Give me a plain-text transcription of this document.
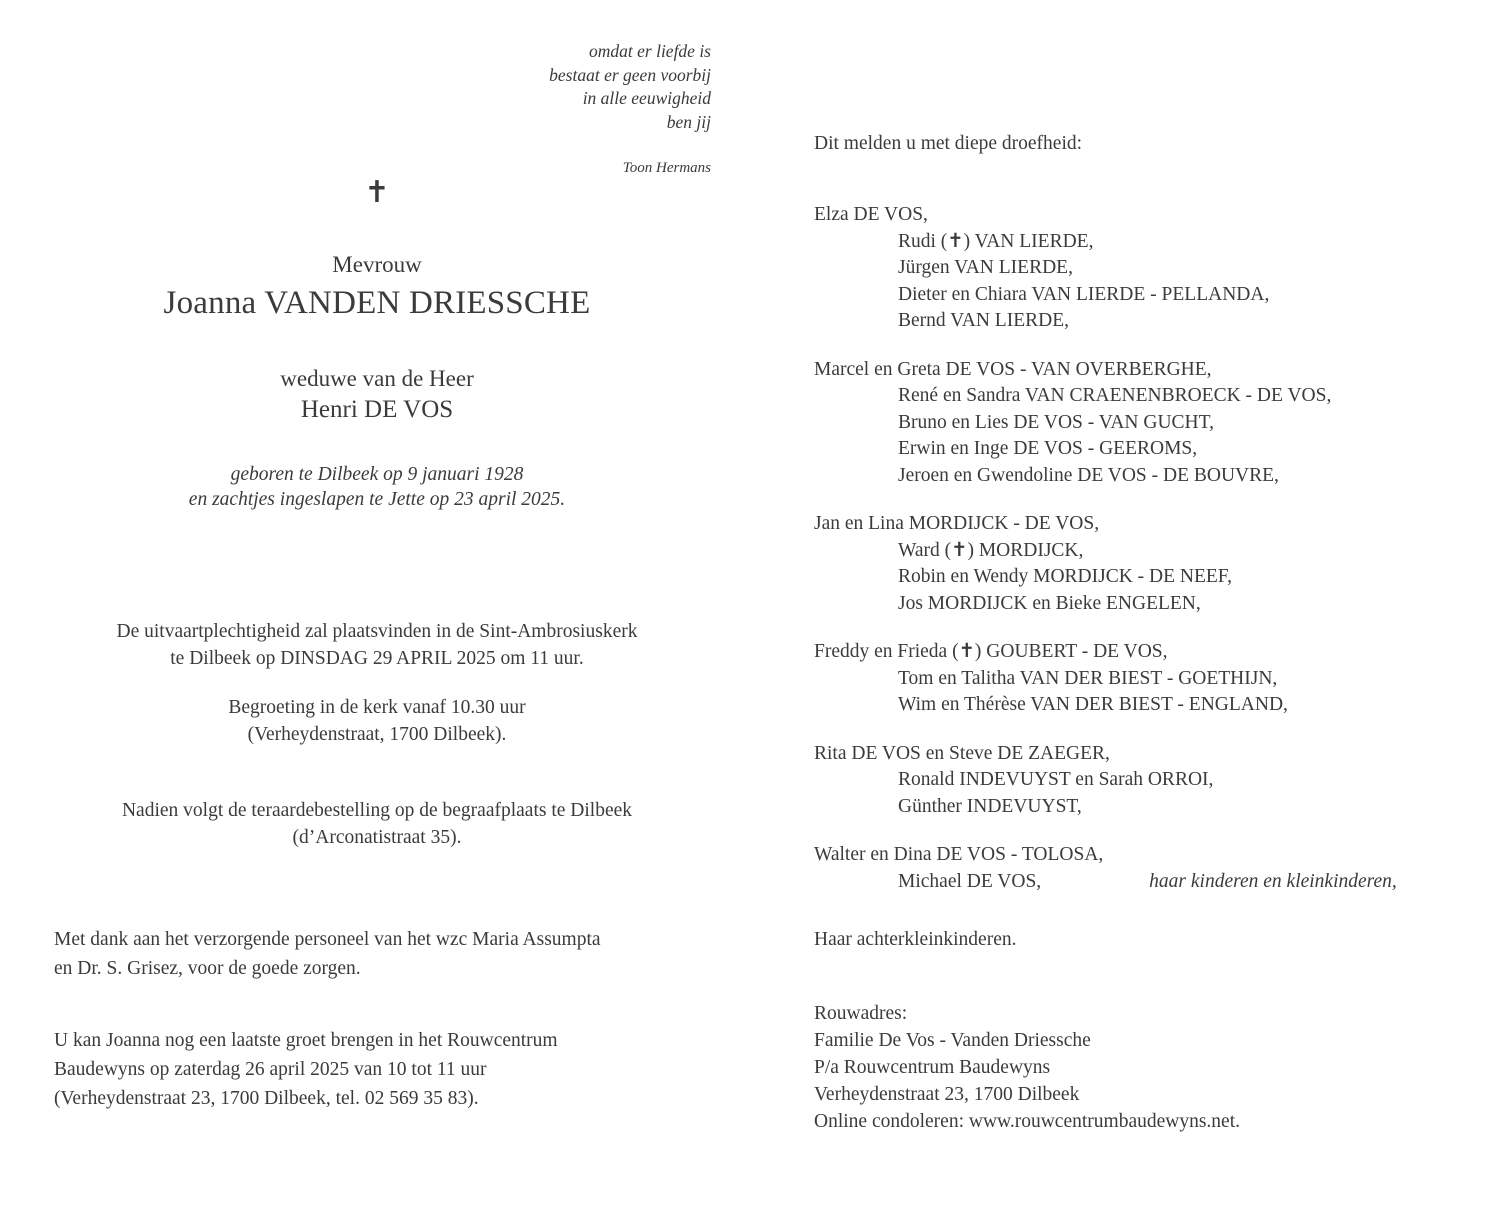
omdat er liefde is
bestaat er geen voorbij
in alle eeuwigheid
ben jij
Toon Hermans
✝
Mevrouw
Joanna VANDEN DRIESSCHE
weduwe van de Heer
Henri DE VOS
geboren te Dilbeek op 9 januari 1928
en zachtjes ingeslapen te Jette op 23 april 2025.
De uitvaartplechtigheid zal plaatsvinden in de Sint-Ambrosiuskerk
te Dilbeek op DINSDAG 29 APRIL 2025 om 11 uur.
Begroeting in de kerk vanaf 10.30 uur
(Verheydenstraat, 1700 Dilbeek).
Nadien volgt de teraardebestelling op de begraafplaats te Dilbeek
(d’Arconatistraat 35).
Met dank aan het verzorgende personeel van het wzc Maria Assumpta
en Dr. S. Grisez, voor de goede zorgen.
U kan Joanna nog een laatste groet brengen in het Rouwcentrum
Baudewyns op zaterdag 26 april 2025 van 10 tot 11 uur
(Verheydenstraat 23, 1700 Dilbeek, tel. 02 569 35 83).
Dit melden u met diepe droefheid:
Elza DE VOS,
Rudi (✝) VAN LIERDE,
Jürgen VAN LIERDE,
Dieter en Chiara VAN LIERDE - PELLANDA,
Bernd VAN LIERDE,
Marcel en Greta DE VOS - VAN OVERBERGHE,
René en Sandra VAN CRAENENBROECK - DE VOS,
Bruno en Lies DE VOS - VAN GUCHT,
Erwin en Inge DE VOS - GEEROMS,
Jeroen en Gwendoline DE VOS - DE BOUVRE,
Jan en Lina MORDIJCK - DE VOS,
Ward (✝) MORDIJCK,
Robin en Wendy MORDIJCK - DE NEEF,
Jos MORDIJCK en Bieke ENGELEN,
Freddy en Frieda (✝) GOUBERT - DE VOS,
Tom en Talitha VAN DER BIEST - GOETHIJN,
Wim en Thérèse VAN DER BIEST - ENGLAND,
Rita DE VOS en Steve DE ZAEGER,
Ronald INDEVUYST en Sarah ORROI,
Günther INDEVUYST,
Walter en Dina DE VOS - TOLOSA,
Michael DE VOS,	haar kinderen en kleinkinderen,
Haar achterkleinkinderen.
Rouwadres:
Familie De Vos - Vanden Driessche
P/a Rouwcentrum Baudewyns
Verheydenstraat 23, 1700 Dilbeek
Online condoleren: www.rouwcentrumbaudewyns.net.
